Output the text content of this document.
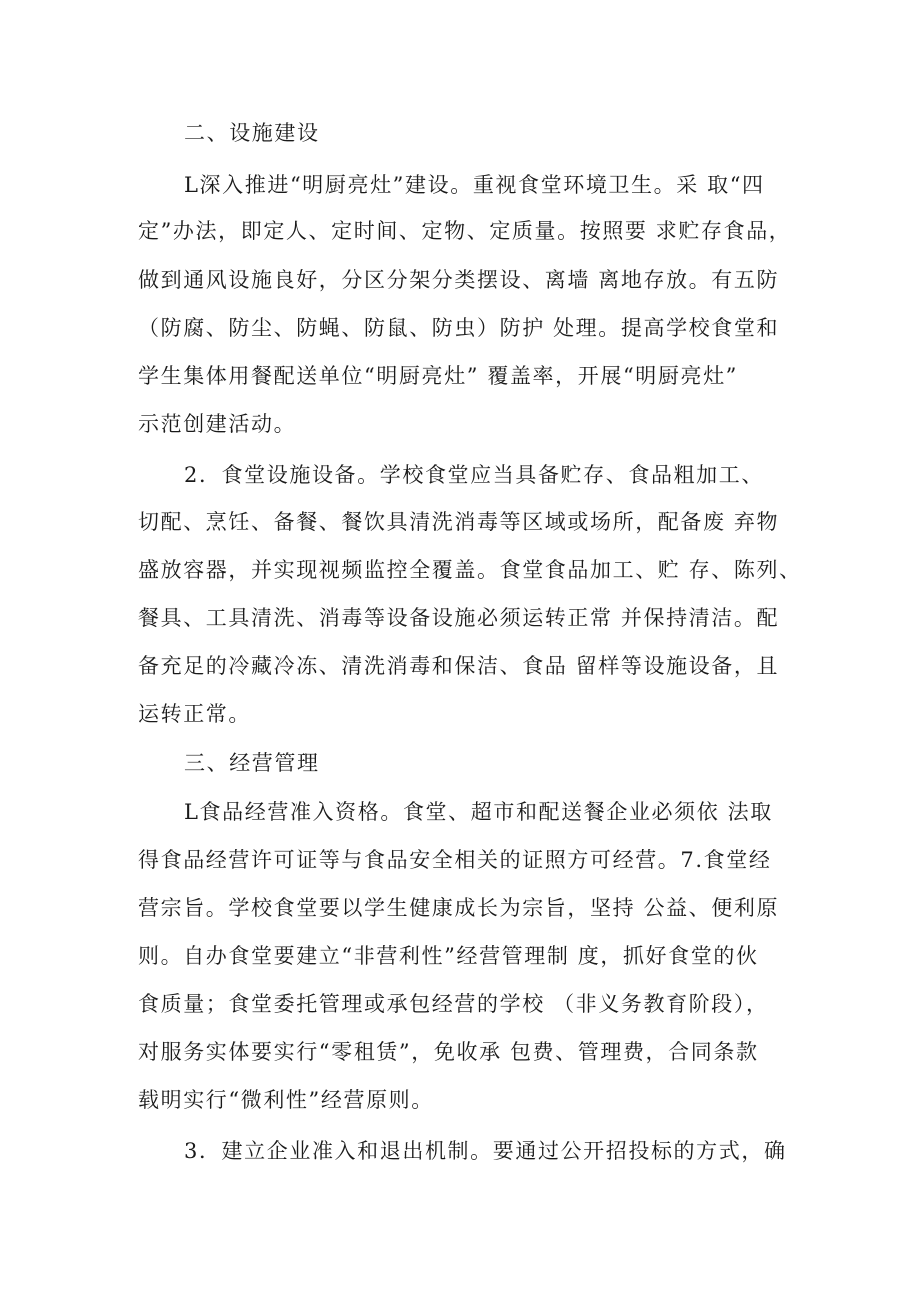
二、设施建设
L深入推进“明厨亮灶”建设。重视食堂环境卫生。采 取“四
定”办法，即定人、定时间、定物、定质量。按照要 求贮存食品，
做到通风设施良好，分区分架分类摆设、离墙 离地存放。有五防
（防腐、防尘、防蝇、防鼠、防虫）防护 处理。提高学校食堂和
学生集体用餐配送单位“明厨亮灶” 覆盖率，开展“明厨亮灶”
示范创建活动。
2．食堂设施设备。学校食堂应当具备贮存、食品粗加工、
切配、烹饪、备餐、餐饮具清洗消毒等区域或场所，配备废 弃物
盛放容器，并实现视频监控全覆盖。食堂食品加工、贮 存、陈列、
餐具、工具清洗、消毒等设备设施必须运转正常 并保持清洁。配
备充足的冷藏冷冻、清洗消毒和保洁、食品 留样等设施设备，且
运转正常。
三、经营管理
L食品经营准入资格。食堂、超市和配送餐企业必须依 法取
得食品经营许可证等与食品安全相关的证照方可经营。7.食堂经
营宗旨。学校食堂要以学生健康成长为宗旨，坚持 公益、便利原
则。自办食堂要建立“非营利性”经营管理制 度，抓好食堂的伙
食质量；食堂委托管理或承包经营的学校 （非义务教育阶段），
对服务实体要实行“零租赁”，免收承 包费、管理费，合同条款
载明实行“微利性”经营原则。
3．建立企业准入和退出机制。要通过公开招投标的方式，确
